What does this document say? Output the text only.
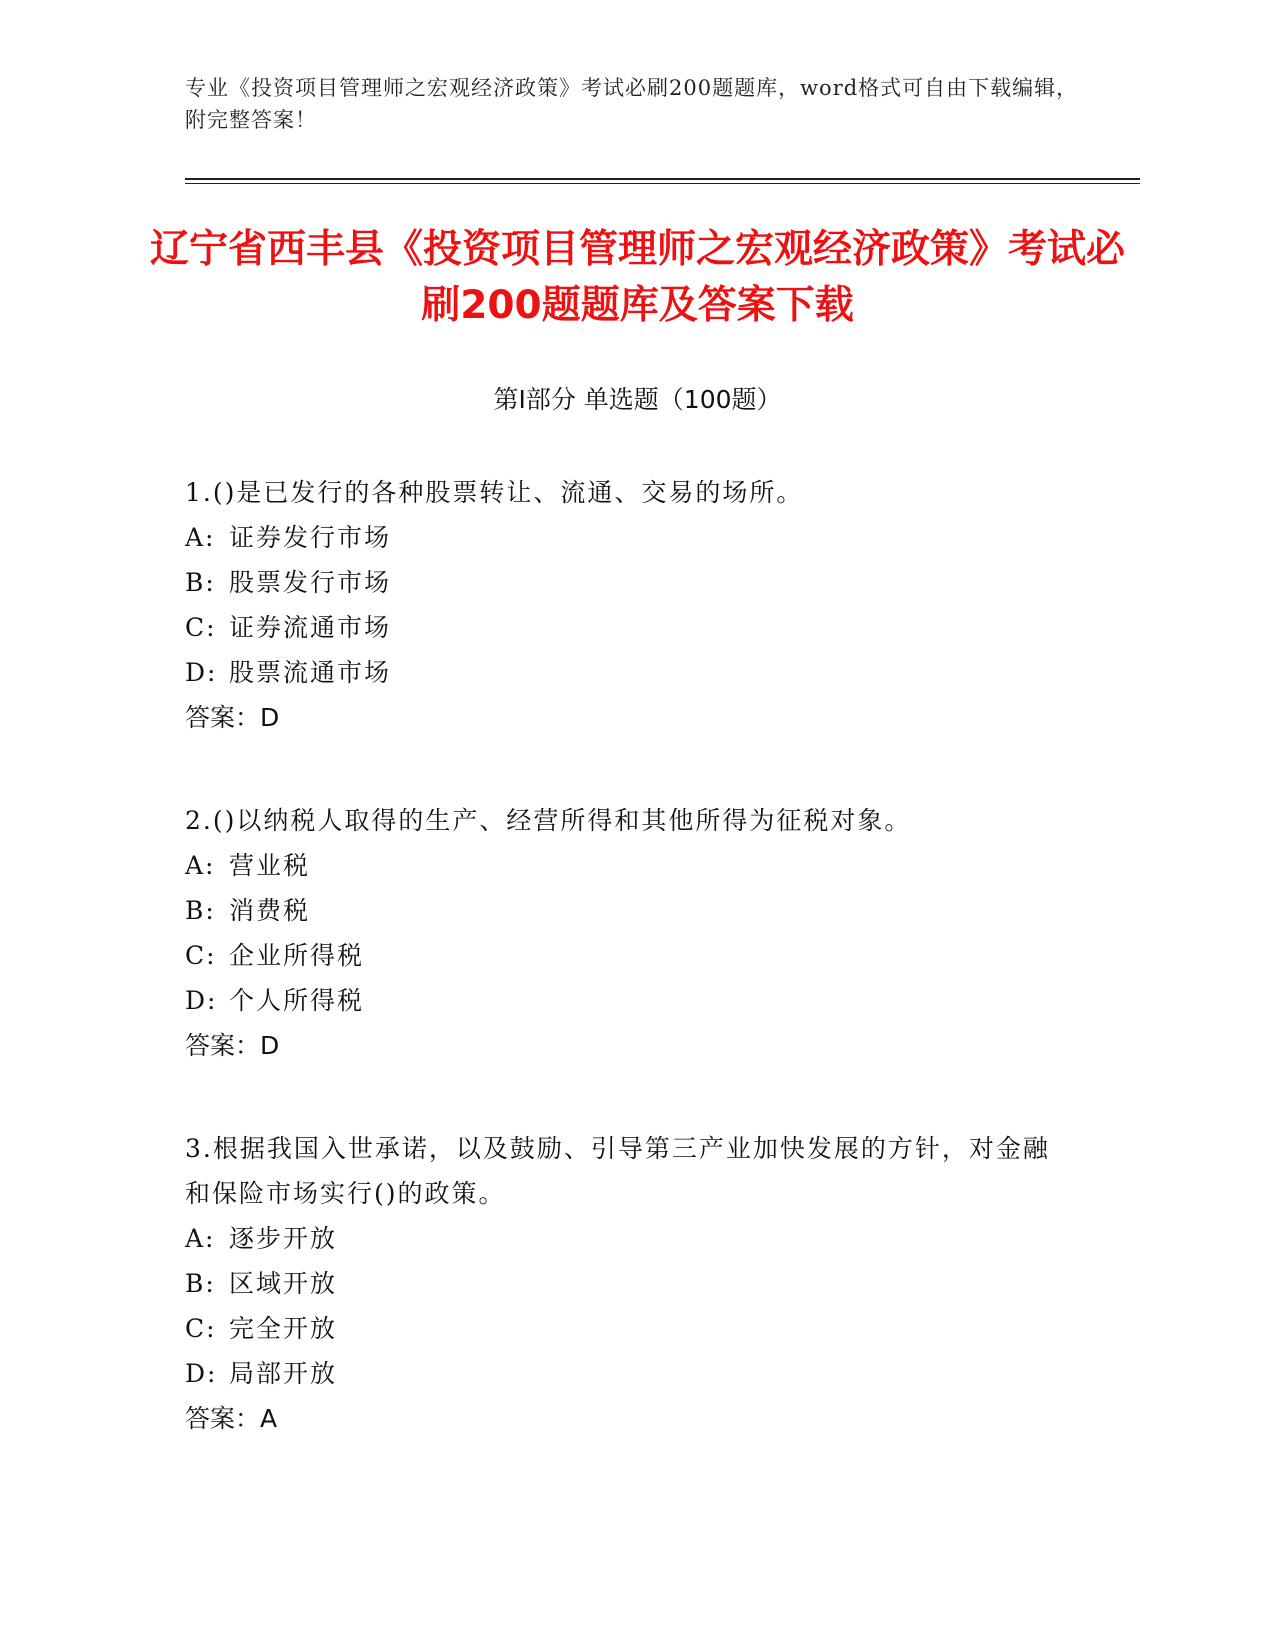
专业《投资项目管理师之宏观经济政策》考试必刷200题题库，word格式可自由下载编辑，附完整答案！
辽宁省西丰县《投资项目管理师之宏观经济政策》考试必刷200题题库及答案下载
第Ⅰ部分 单选题（100题）
1.()是已发行的各种股票转让、流通、交易的场所。
A: 证券发行市场
B: 股票发行市场
C: 证券流通市场
D: 股票流通市场
答案：D
2.()以纳税人取得的生产、经营所得和其他所得为征税对象。
A: 营业税
B: 消费税
C: 企业所得税
D: 个人所得税
答案：D
3.根据我国入世承诺，以及鼓励、引导第三产业加快发展的方针，对金融和保险市场实行()的政策。
A: 逐步开放
B: 区域开放
C: 完全开放
D: 局部开放
答案：A
